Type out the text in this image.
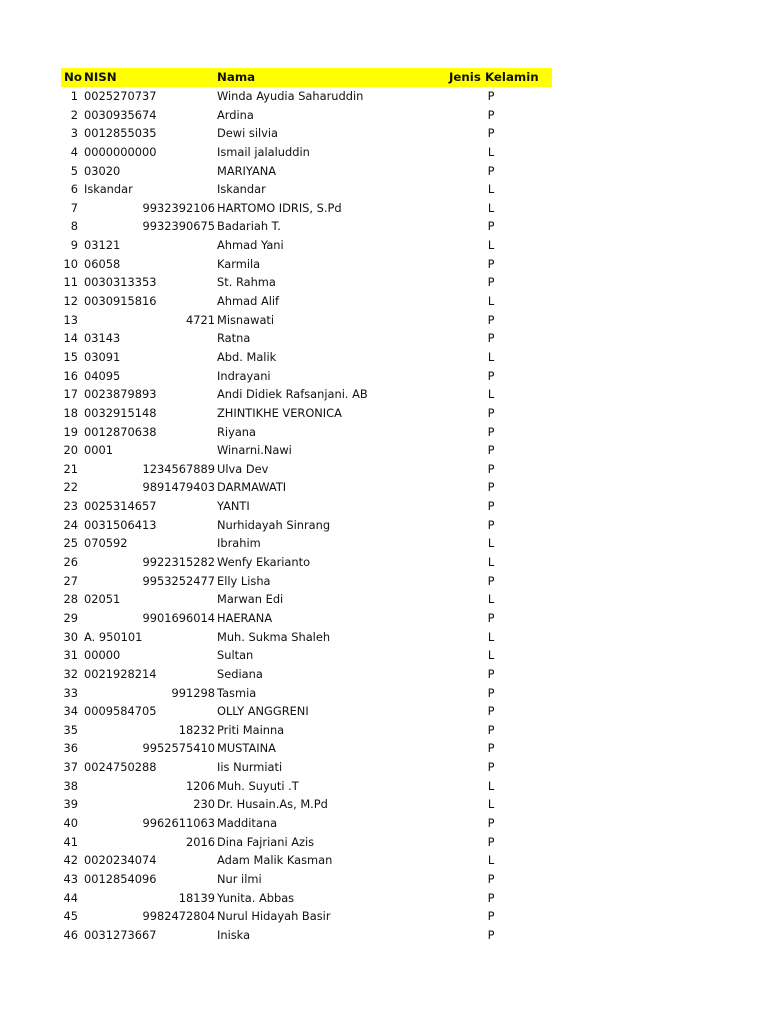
No NISN	Nama	Jenis Kelamin
1 0025270737	Winda Ayudia Saharuddin	P
2 0030935674	Ardina	P
3 0012855035	Dewi silvia	P
4 0000000000	Ismail jalaluddin	L
5 03020	MARIYANA	P
6 Iskandar	Iskandar	L
7	9932392106 HARTOMO IDRIS, S.Pd	L
8	9932390675 Badariah T.	P
9 03121	Ahmad Yani	L
10 06058	Karmila	P
11 0030313353	St. Rahma	P
12 0030915816	Ahmad Alif	L
13	4721 Misnawati	P
14 03143	Ratna	P
15 03091	Abd. Malik	L
16 04095	Indrayani	P
17 0023879893	Andi Didiek Rafsanjani. AB	L
18 0032915148	ZHINTIKHE VERONICA	P
19 0012870638	Riyana	P
20 0001	Winarni.Nawi	P
21	1234567889 Ulva Dev	P
22	9891479403 DARMAWATI	P
23 0025314657	YANTI	P
24 0031506413	Nurhidayah Sinrang	P
25 070592	Ibrahim	L
26	9922315282 Wenfy Ekarianto	L
27	9953252477 Elly Lisha	P
28 02051	Marwan Edi	L
29	9901696014 HAERANA	P
30 A. 950101	Muh. Sukma Shaleh	L
31 00000	Sultan	L
32 0021928214	Sediana	P
33	991298 Tasmia	P
34 0009584705	OLLY ANGGRENI	P
35	18232 Priti Mainna	P
36	9952575410 MUSTAINA	P
37 0024750288	Iis Nurmiati	P
38	1206 Muh. Suyuti .T	L
39	230 Dr. Husain.As, M.Pd	L
40	9962611063 Madditana	P
41	2016 Dina Fajriani Azis	P
42 0020234074	Adam Malik Kasman	L
43 0012854096	Nur ilmi	P
44	18139 Yunita. Abbas	P
45	9982472804 Nurul Hidayah Basir	P
46 0031273667	Iniska	P
